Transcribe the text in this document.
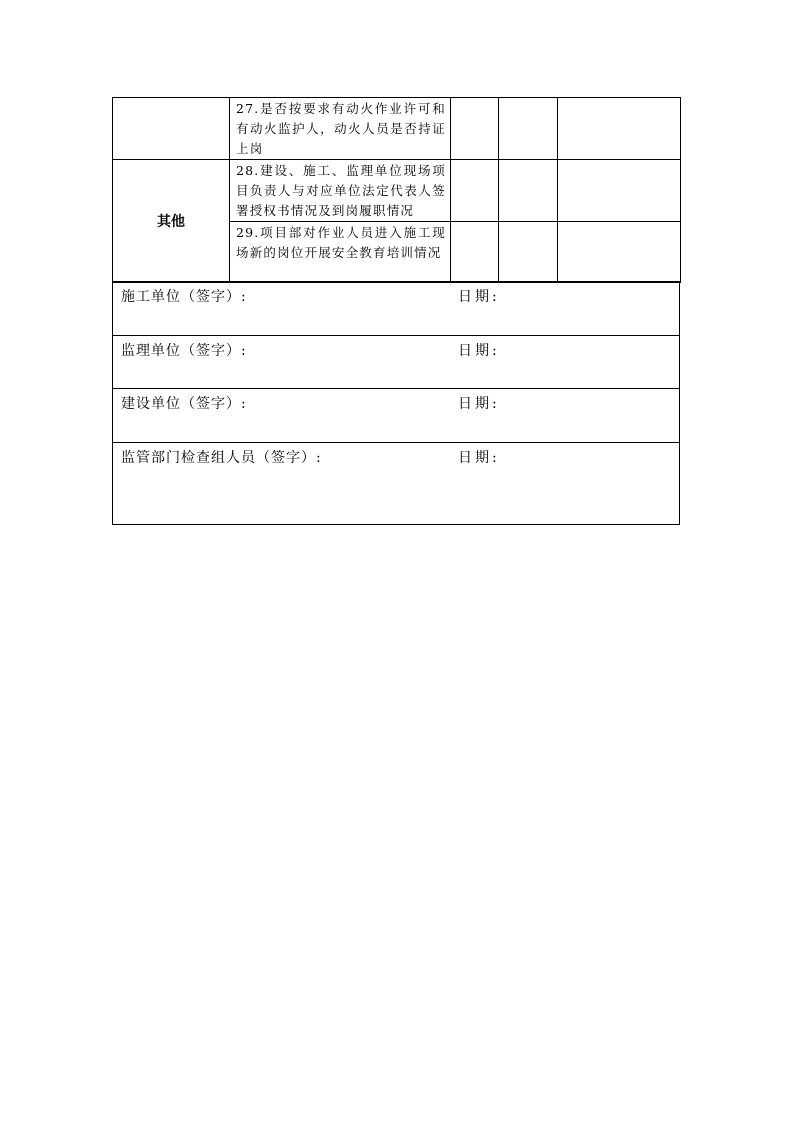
	27.是否按要求有动火作业许可和有动火监护人，动火人员是否持证上岗			
其他	28.建设、施工、监理单位现场项目负责人与对应单位法定代表人签署授权书情况及到岗履职情况			
	29.项目部对作业人员进入施工现场新的岗位开展安全教育培训情况			
施工单位（签字）:	日期:

监理单位（签字）:	日期:

建设单位（签字）:	日期:

监管部门检查组人员（签字）:	日期:
